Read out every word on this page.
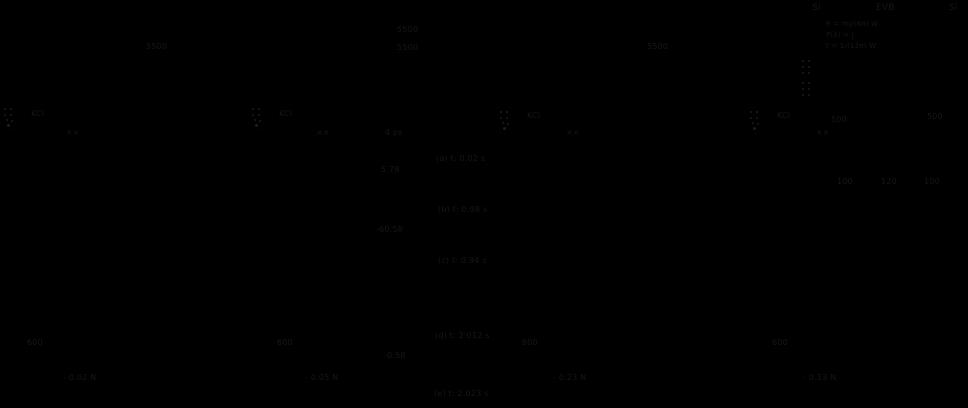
Si	EVB	Si
R = mJ/(6π) W
P(λ) = J
t = 1/(12π) W
500	500
5500
5500
5500	5500
KCl
××
KCl
××
KCl
××
KCl
××
4 ps
5.78
-60.58
-0.58
(a) t: 0.02 s
(b) t: 0.98 s
(c) t: 0.94 s
(d) t: 2.012 s
(e) t: 2.023 s
100	120	100
600	600	600	600
- 0.02 N	- 0.05 N	- 0.23 N	- 0.13 N
